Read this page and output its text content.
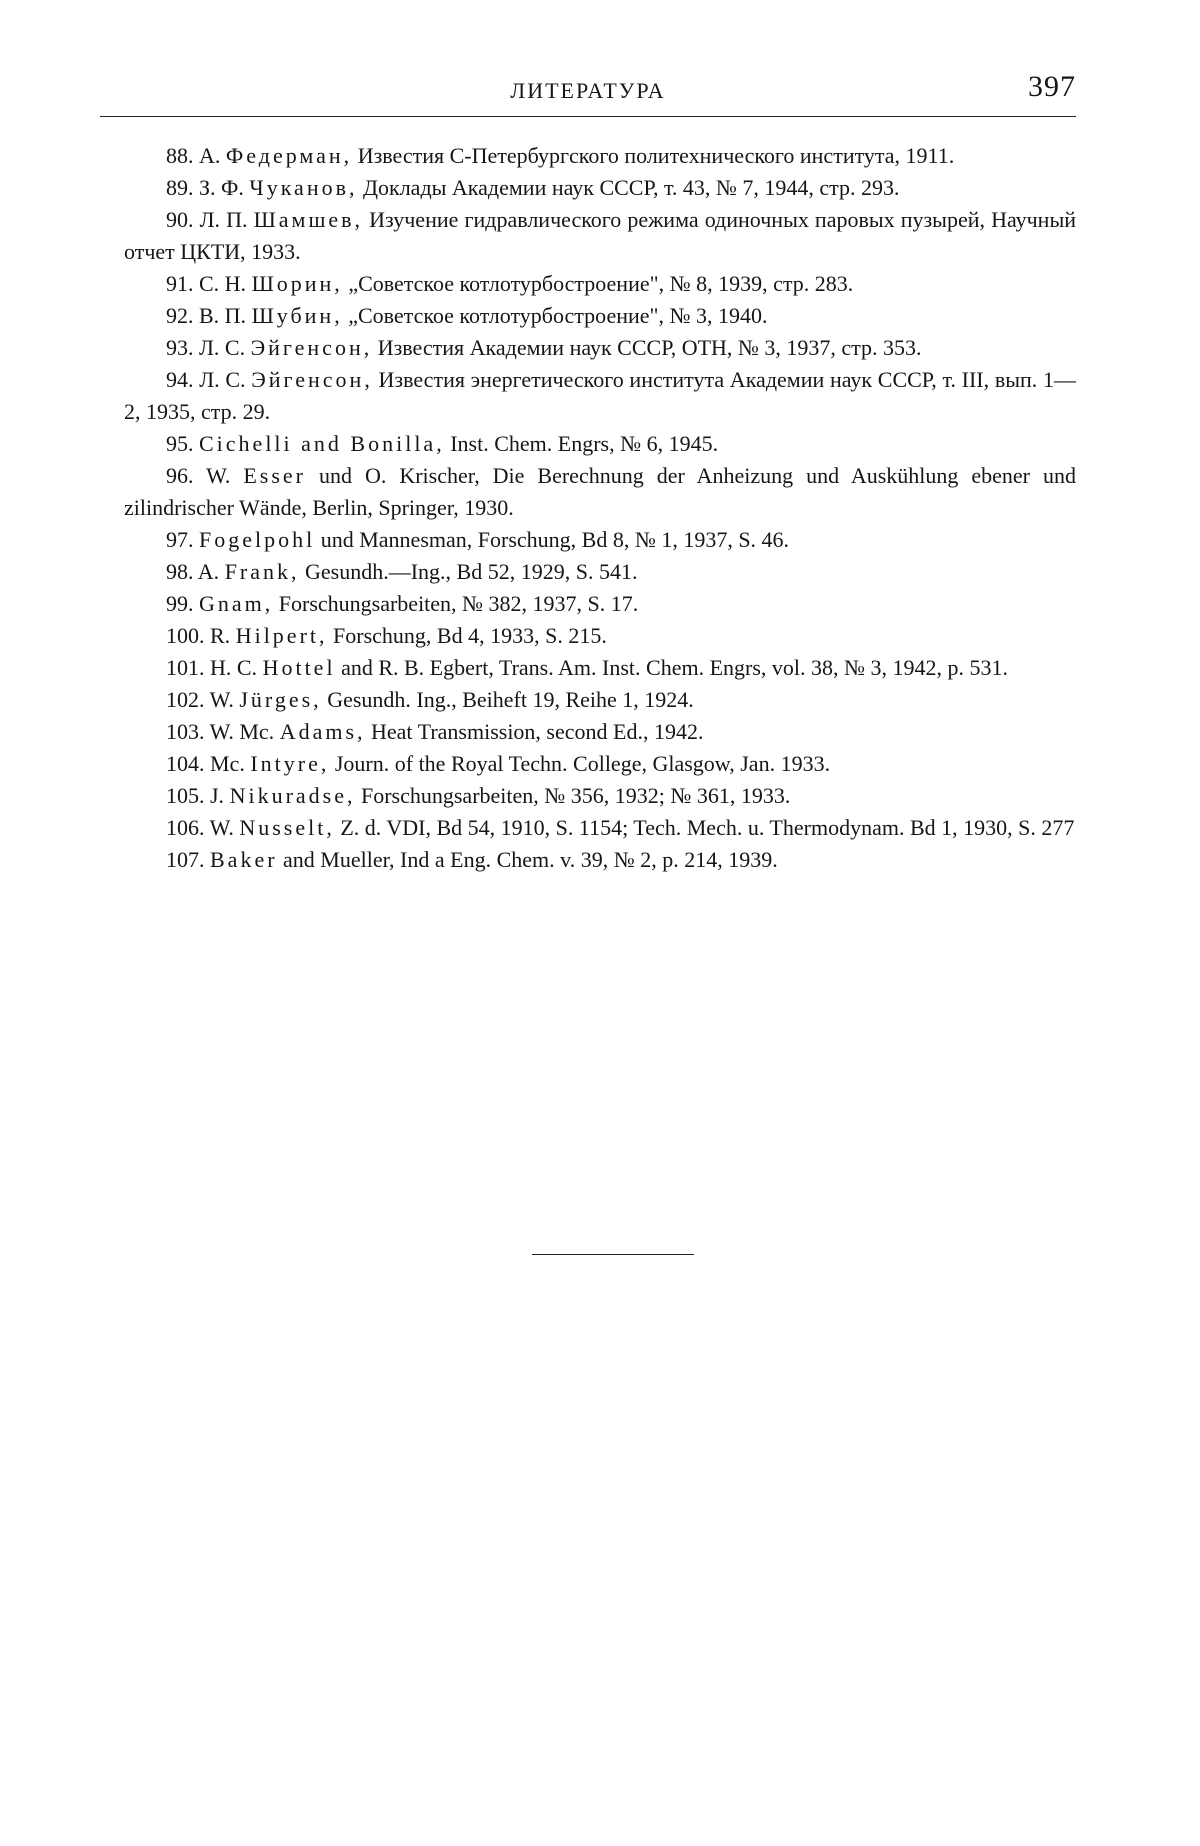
ЛИТЕРАТУРА	397

88. А. Федерман, Известия С-Петербургского политехнического института, 1911.

89. З. Ф. Чуканов, Доклады Академии наук СССР, т. 43, № 7, 1944, стр. 293.

90. Л. П. Шамшев, Изучение гидравлического режима одиночных паровых пузырей, Научный отчет ЦКТИ, 1933.

91. С. Н. Шорин, „Советское котлотурбостроение", № 8, 1939, стр. 283.

92. В. П. Шубин, „Советское котлотурбостроение", № 3, 1940.

93. Л. С. Эйгенсон, Известия Академии наук СССР, ОТН, № 3, 1937, стр. 353.

94. Л. С. Эйгенсон, Известия энергетического института Академии наук СССР, т. III, вып. 1—2, 1935, стр. 29.

95. Cichelli and Bonilla, Inst. Chem. Engrs, № 6, 1945.

96. W. Esser und O. Krischer, Die Berechnung der Anheizung und Auskühlung ebener und zilindrischer Wände, Berlin, Springer, 1930.

97. Fogelpohl und Mannesman, Forschung, Bd 8, № 1, 1937, S. 46.

98. A. Frank, Gesundh.—Ing., Bd 52, 1929, S. 541.

99. Gnam, Forschungsarbeiten, № 382, 1937, S. 17.

100. R. Hilpert, Forschung, Bd 4, 1933, S. 215.

101. H. C. Hottel and R. B. Egbert, Trans. Am. Inst. Chem. Engrs, vol. 38, № 3, 1942, p. 531.

102. W. Jürges, Gesundh. Ing., Beiheft 19, Reihe 1, 1924.

103. W. Mc. Adams, Heat Transmission, second Ed., 1942.

104. Mc. Intyre, Journ. of the Royal Techn. College, Glasgow, Jan. 1933.

105. J. Nikuradse, Forschungsarbeiten, № 356, 1932; № 361, 1933.

106. W. Nusselt, Z. d. VDI, Bd 54, 1910, S. 1154; Tech. Mech. u. Thermodynam. Bd 1, 1930, S. 277

107. Baker and Mueller, Ind a Eng. Chem. v. 39, № 2, p. 214, 1939.
